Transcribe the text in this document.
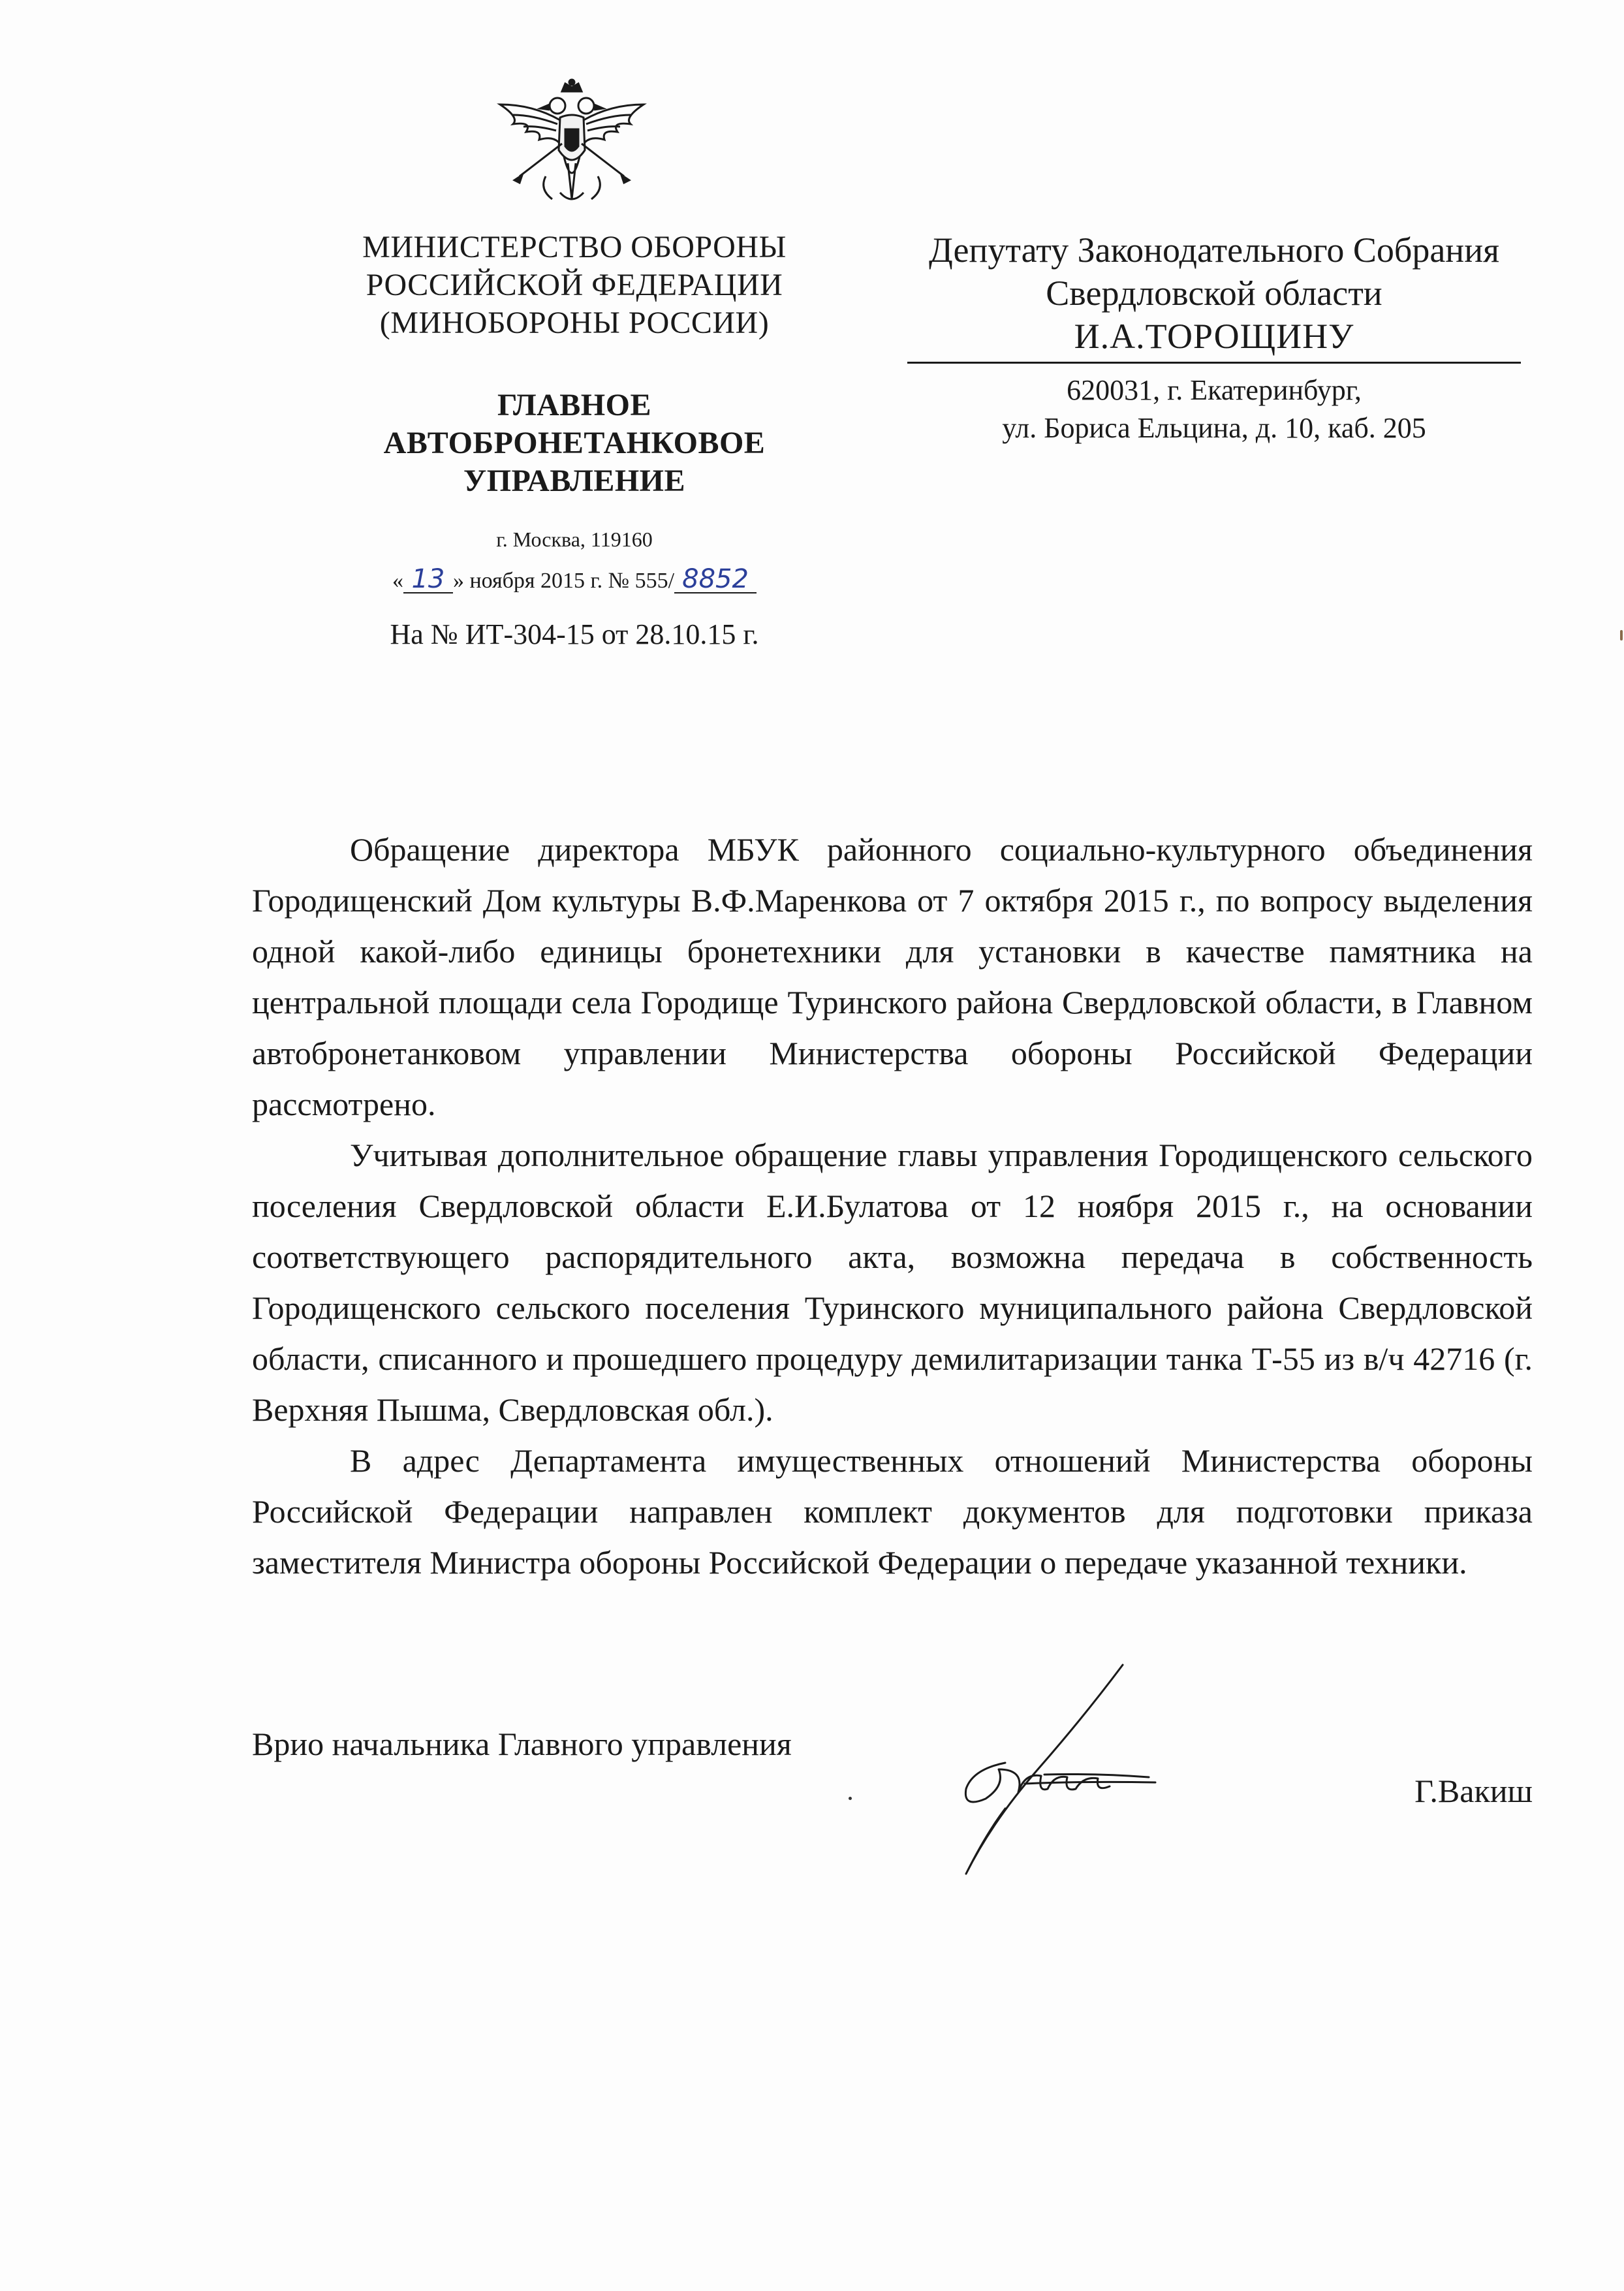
МИНИСТЕРСТВО ОБОРОНЫ
РОССИЙСКОЙ ФЕДЕРАЦИИ
(МИНОБОРОНЫ РОССИИ)
ГЛАВНОЕ
АВТОБРОНЕТАНКОВОЕ
УПРАВЛЕНИЕ
г. Москва, 119160
« 13 » ноября 2015 г. № 555/ 8852
На № ИТ-304-15 от 28.10.15 г.
Депутату Законодательного Собрания
Свердловской области
И.А.ТОРОЩИНУ
620031, г. Екатеринбург,
ул. Бориса Ельцина, д. 10, каб. 205

Обращение директора МБУК районного социально-культурного объединения Городищенский Дом культуры В.Ф.Маренкова от 7 октября 2015 г., по вопросу выделения одной какой-либо единицы бронетехники для установки в качестве памятника на центральной площади села Городище Туринского района Свердловской области, в Главном автобронетанковом управлении Министерства обороны Российской Федерации рассмотрено.

Учитывая дополнительное обращение главы управления Городищенского сельского поселения Свердловской области Е.И.Булатова от 12 ноября 2015 г., на основании соответствующего распорядительного акта, возможна передача в собственность Городищенского сельского поселения Туринского муниципального района Свердловской области, списанного и прошедшего процедуру демилитаризации танка Т-55 из в/ч 42716 (г. Верхняя Пышма, Свердловская обл.).

В адрес Департамента имущественных отношений Министерства обороны Российской Федерации направлен комплект документов для подготовки приказа заместителя Министра обороны Российской Федерации о передаче указанной техники.

Врио начальника Главного управления
Г.Вакиш
